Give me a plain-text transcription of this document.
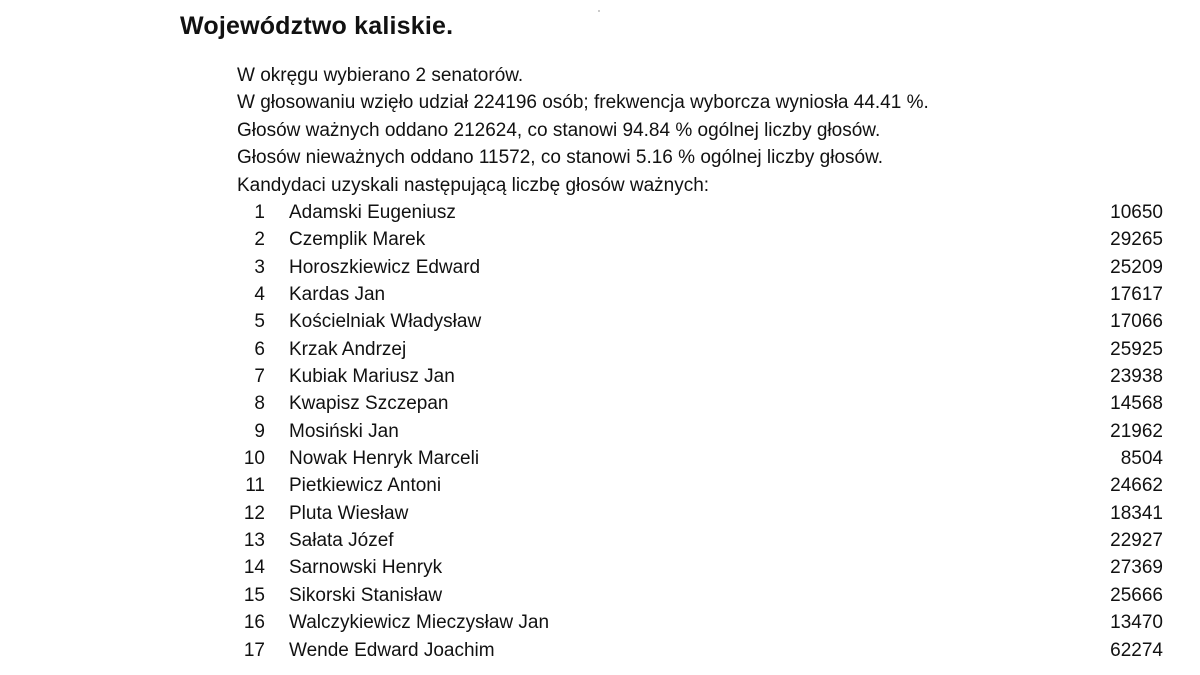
Województwo kaliskie.
W okręgu wybierano 2 senatorów.
W głosowaniu wzięło udział 224196 osób; frekwencja wyborcza wyniosła 44.41 %.
Głosów ważnych oddano 212624, co stanowi 94.84 % ogólnej liczby głosów.
Głosów nieważnych oddano 11572, co stanowi 5.16 % ogólnej liczby głosów.
Kandydaci uzyskali następującą liczbę głosów ważnych:
1 Adamski Eugeniusz	10650
2 Czemplik Marek	29265
3 Horoszkiewicz Edward	25209
4 Kardas Jan	17617
5 Kościelniak Władysław	17066
6 Krzak Andrzej	25925
7 Kubiak Mariusz Jan	23938
8 Kwapisz Szczepan	14568
9 Mosiński Jan	21962
10 Nowak Henryk Marceli	8504
11 Pietkiewicz Antoni	24662
12 Pluta Wiesław	18341
13 Sałata Józef	22927
14 Sarnowski Henryk	27369
15 Sikorski Stanisław	25666
16 Walczykiewicz Mieczysław Jan	13470
17 Wende Edward Joachim	62274
